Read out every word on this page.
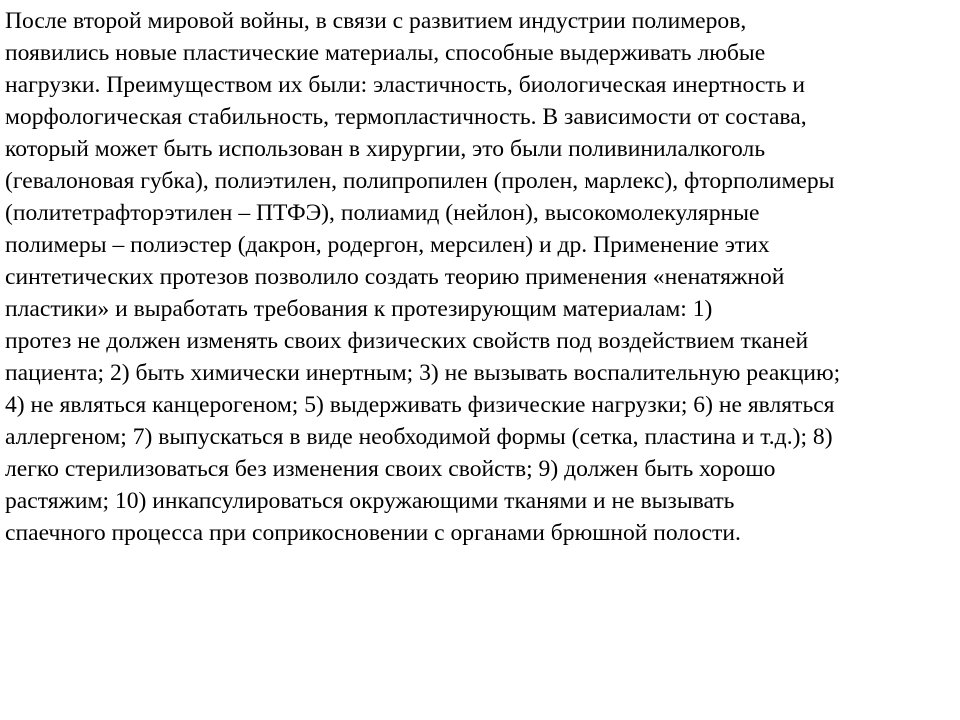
После второй мировой войны, в связи с развитием индустрии полимеров,
появились новые пластические материалы, способные выдерживать любые
нагрузки. Преимуществом их были: эластичность, биологическая инертность и
морфологическая стабильность, термопластичность. В зависимости от состава,
который может быть использован в хирургии, это были поливинилалкоголь
(гевалоновая губка), полиэтилен, полипропилен (пролен, марлекс), фторполимеры
(политетрафторэтилен – ПТФЭ), полиамид (нейлон), высокомолекулярные
полимеры – полиэстер (дакрон, родергон, мерсилен) и др. Применение этих
синтетических протезов позволило создать теорию применения «ненатяжной
пластики» и выработать требования к протезирующим материалам: 1)
протез не должен изменять своих физических свойств под воздействием тканей
пациента; 2) быть химически инертным; 3) не вызывать воспалительную реакцию;
4) не являться канцерогеном; 5) выдерживать физические нагрузки; 6) не являться
аллергеном; 7) выпускаться в виде необходимой формы (сетка, пластина и т.д.); 8)
легко стерилизоваться без изменения своих свойств; 9) должен быть хорошо
растяжим; 10) инкапсулироваться окружающими тканями и не вызывать
спаечного процесса при соприкосновении с органами брюшной полости.
